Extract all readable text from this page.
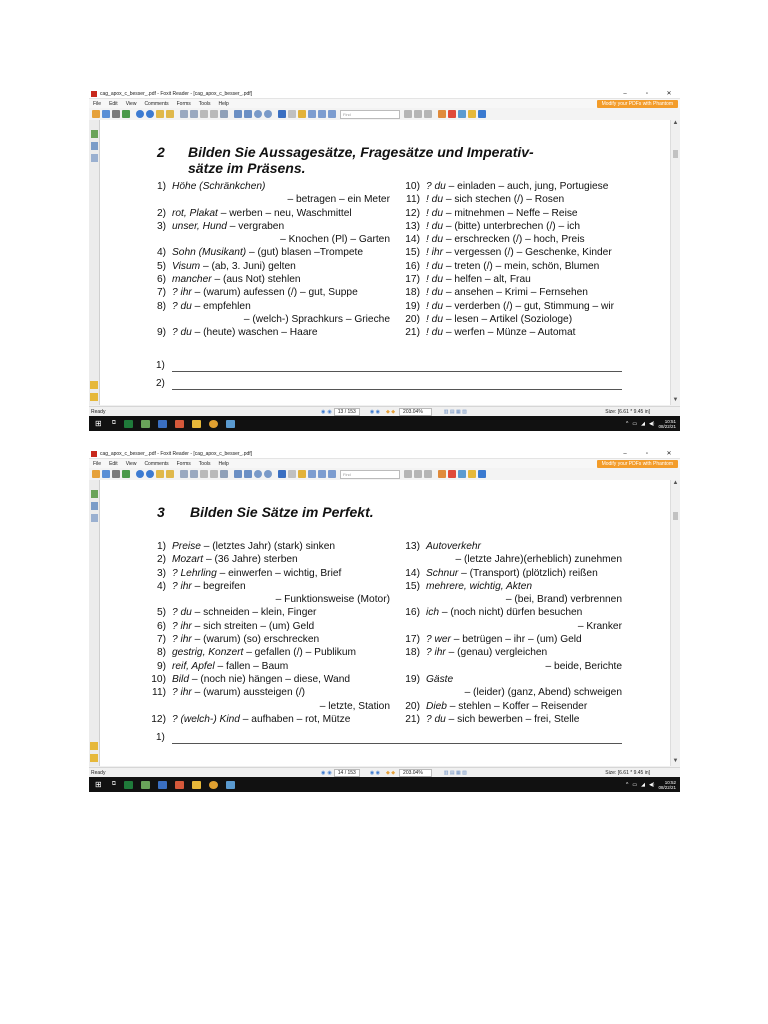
cag_apox_c_besser_.pdf - Foxit Reader - [cag_apox_c_besser_.pdf]	–	▫	✕
File Edit View Comments Forms Tools Help	Modify your PDFs with Phantom
Find
2 Bilden Sie Aussagesätze, Fragesätze und Imperativ-
sätze im Präsens.
1) Höhe (Schränkchen)
– betragen – ein Meter
2) rot, Plakat – werben – neu, Waschmittel
3) unser, Hund – vergraben
– Knochen (Pl) – Garten
4) Sohn (Musikant) – (gut) blasen –Trompete
5) Visum – (ab, 3. Juni) gelten
6) mancher – (aus Not) stehlen
7) ? ihr – (warum) aufessen (/) – gut, Suppe
8) ? du – empfehlen
– (welch-) Sprachkurs – Grieche
9) ? du – (heute) waschen – Haare
10) ? du – einladen – auch, jung, Portugiese
11) ! du – sich stechen (/) – Rosen
12) ! du – mitnehmen – Neffe – Reise
13) ! du – (bitte) unterbrechen (/) – ich
14) ! du – erschrecken (/) – hoch, Preis
15) ! ihr – vergessen (/) – Geschenke, Kinder
16) ! du – treten (/) – mein, schön, Blumen
17) ! du – helfen – alt, Frau
18) ! du – ansehen – Krimi – Fernsehen
19) ! du – verderben (/) – gut, Stimmung – wir
20) ! du – lesen – Artikel (Soziologe)
21) ! du – werfen – Münze – Automat
1)
2)
▲
▼
Ready	◉ ◉	13 / 153	◉ ◉ ◆ ◆	203.04%	▥ ▤ ▦ ▧	Size: [6.61 * 9.45 in]
⊞ ⧉	^ ▭ ◢ ◀)	10:51
08/22/21
cag_apox_c_besser_.pdf - Foxit Reader - [cag_apox_c_besser_.pdf]	–	▫	✕
File Edit View Comments Forms Tools Help	Modify your PDFs with Phantom
Find
3 Bilden Sie Sätze im Perfekt.
1) Preise – (letztes Jahr) (stark) sinken
2) Mozart – (36 Jahre) sterben
3) ? Lehrling – einwerfen – wichtig, Brief
4) ? ihr – begreifen
– Funktionsweise (Motor)
5) ? du – schneiden – klein, Finger
6) ? ihr – sich streiten – (um) Geld
7) ? ihr – (warum) (so) erschrecken
8) gestrig, Konzert – gefallen (/) – Publikum
9) reif, Apfel – fallen – Baum
10) Bild – (noch nie) hängen – diese, Wand
11) ? ihr – (warum) aussteigen (/)
– letzte, Station
12) ? (welch-) Kind – aufhaben – rot, Mütze
13) Autoverkehr
– (letzte Jahre)(erheblich) zunehmen
14) Schnur – (Transport) (plötzlich) reißen
15) mehrere, wichtig, Akten
– (bei, Brand) verbrennen
16) ich – (noch nicht) dürfen besuchen
– Kranker
17) ? wer – betrügen – ihr – (um) Geld
18) ? ihr – (genau) vergleichen
– beide, Berichte
19) Gäste
– (leider) (ganz, Abend) schweigen
20) Dieb – stehlen – Koffer – Reisender
21) ? du – sich bewerben – frei, Stelle
1)
▲
▼
Ready	◉ ◉	14 / 153	◉ ◉ ◆ ◆	203.04%	▥ ▤ ▦ ▧	Size: [6.61 * 9.45 in]
⊞ ⧉	^ ▭ ◢ ◀)	10:52
08/22/21
